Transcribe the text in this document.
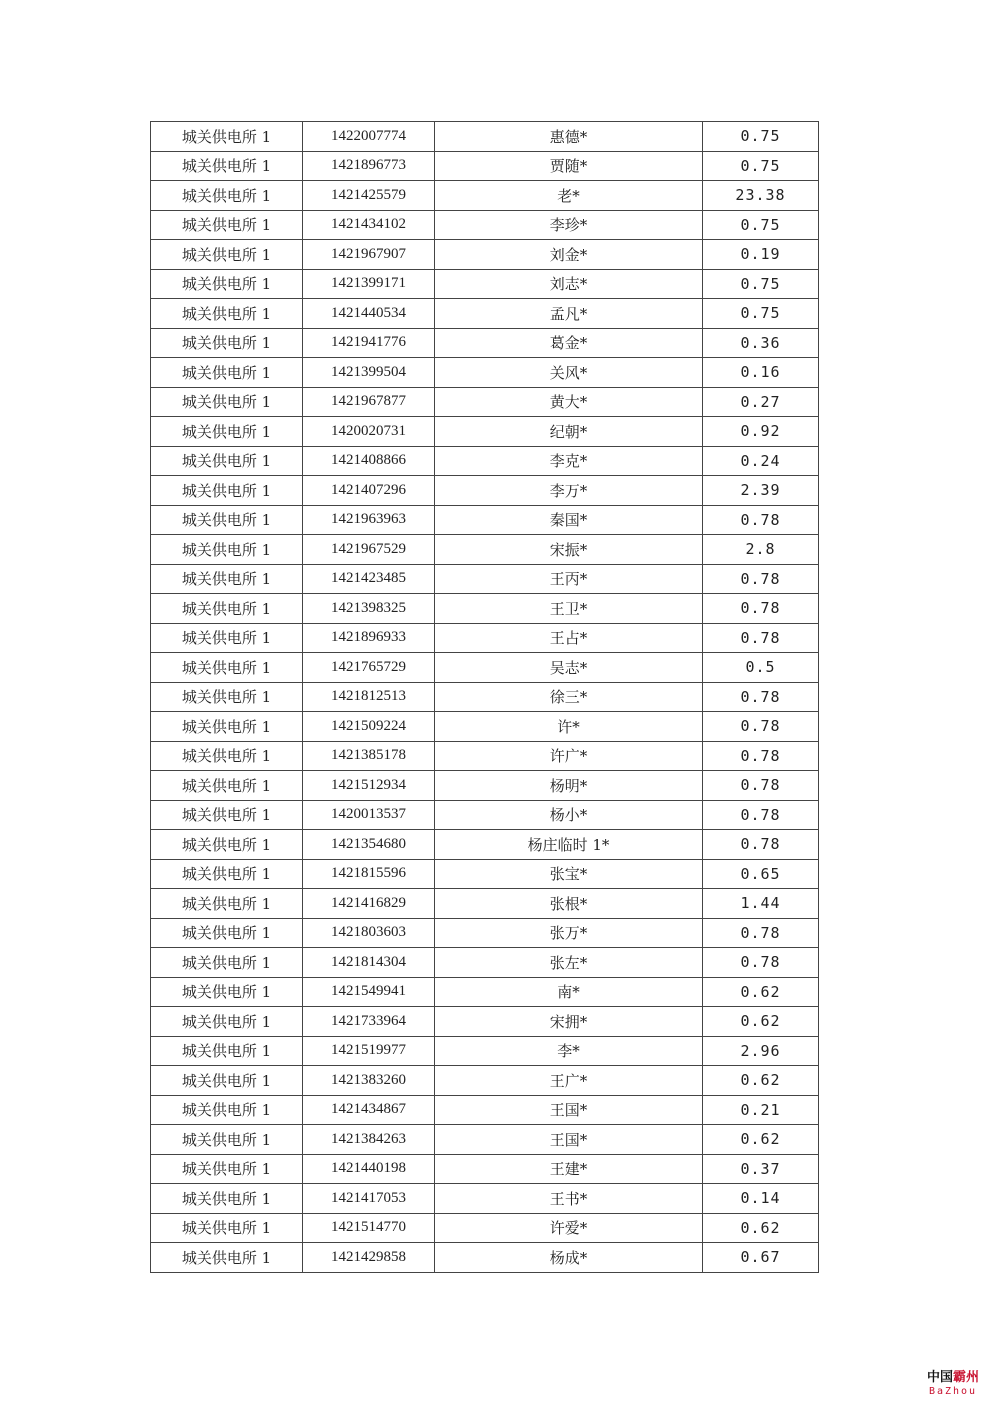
城关供电所 1	1422007774	惠德*	0.75
城关供电所 1	1421896773	贾随*	0.75
城关供电所 1	1421425579	老*	23.38
城关供电所 1	1421434102	李珍*	0.75
城关供电所 1	1421967907	刘金*	0.19
城关供电所 1	1421399171	刘志*	0.75
城关供电所 1	1421440534	孟凡*	0.75
城关供电所 1	1421941776	葛金*	0.36
城关供电所 1	1421399504	关风*	0.16
城关供电所 1	1421967877	黄大*	0.27
城关供电所 1	1420020731	纪朝*	0.92
城关供电所 1	1421408866	李克*	0.24
城关供电所 1	1421407296	李万*	2.39
城关供电所 1	1421963963	秦国*	0.78
城关供电所 1	1421967529	宋振*	2.8
城关供电所 1	1421423485	王丙*	0.78
城关供电所 1	1421398325	王卫*	0.78
城关供电所 1	1421896933	王占*	0.78
城关供电所 1	1421765729	吴志*	0.5
城关供电所 1	1421812513	徐三*	0.78
城关供电所 1	1421509224	许*	0.78
城关供电所 1	1421385178	许广*	0.78
城关供电所 1	1421512934	杨明*	0.78
城关供电所 1	1420013537	杨小*	0.78
城关供电所 1	1421354680	杨庄临时 1*	0.78
城关供电所 1	1421815596	张宝*	0.65
城关供电所 1	1421416829	张根*	1.44
城关供电所 1	1421803603	张万*	0.78
城关供电所 1	1421814304	张左*	0.78
城关供电所 1	1421549941	南*	0.62
城关供电所 1	1421733964	宋拥*	0.62
城关供电所 1	1421519977	李*	2.96
城关供电所 1	1421383260	王广*	0.62
城关供电所 1	1421434867	王国*	0.21
城关供电所 1	1421384263	王国*	0.62
城关供电所 1	1421440198	王建*	0.37
城关供电所 1	1421417053	王书*	0.14
城关供电所 1	1421514770	许爱*	0.62
城关供电所 1	1421429858	杨成*	0.67
中国霸州
BaZhou
